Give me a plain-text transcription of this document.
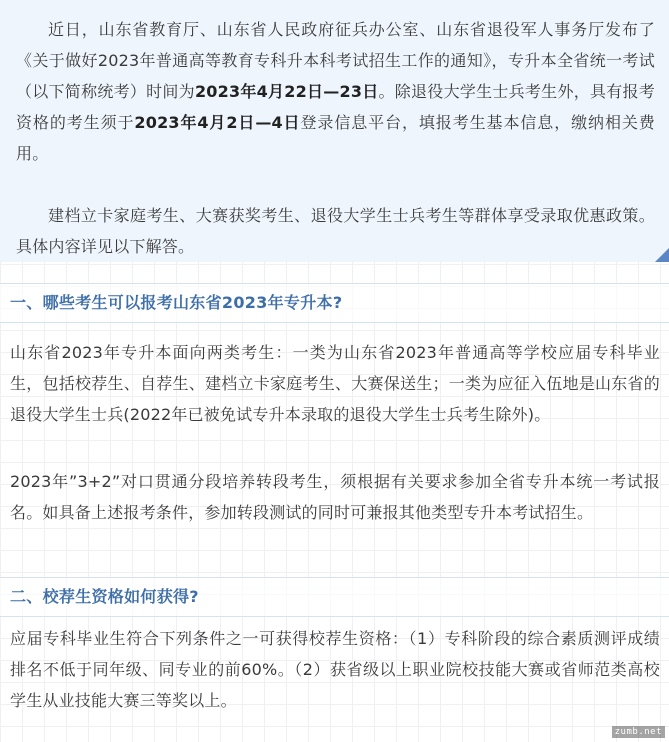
近日，山东省教育厅、山东省人民政府征兵办公室、山东省退役军人事务厅发布了《关于做好2023年普通高等教育专科升本科考试招生工作的通知》，专升本全省统一考试（以下简称统考）时间为2023年4月22日—23日。除退役大学生士兵考生外，具有报考资格的考生须于2023年4月2日—4日登录信息平台，填报考生基本信息，缴纳相关费用。

建档立卡家庭考生、大赛获奖考生、退役大学生士兵考生等群体享受录取优惠政策。具体内容详见以下解答。

一、哪些考生可以报考山东省2023年专升本?

山东省2023年专升本面向两类考生：一类为山东省2023年普通高等学校应届专科毕业生，包括校荐生、自荐生、建档立卡家庭考生、大赛保送生；一类为应征入伍地是山东省的退役大学生士兵(2022年已被免试专升本录取的退役大学生士兵考生除外)。

2023年”3+2”对口贯通分段培养转段考生，须根据有关要求参加全省专升本统一考试报名。如具备上述报考条件，参加转段测试的同时可兼报其他类型专升本考试招生。

二、校荐生资格如何获得?

应届专科毕业生符合下列条件之一可获得校荐生资格：（1）专科阶段的综合素质测评成绩排名不低于同年级、同专业的前60%。（2）获省级以上职业院校技能大赛或省师范类高校学生从业技能大赛三等奖以上。

zumb.net
